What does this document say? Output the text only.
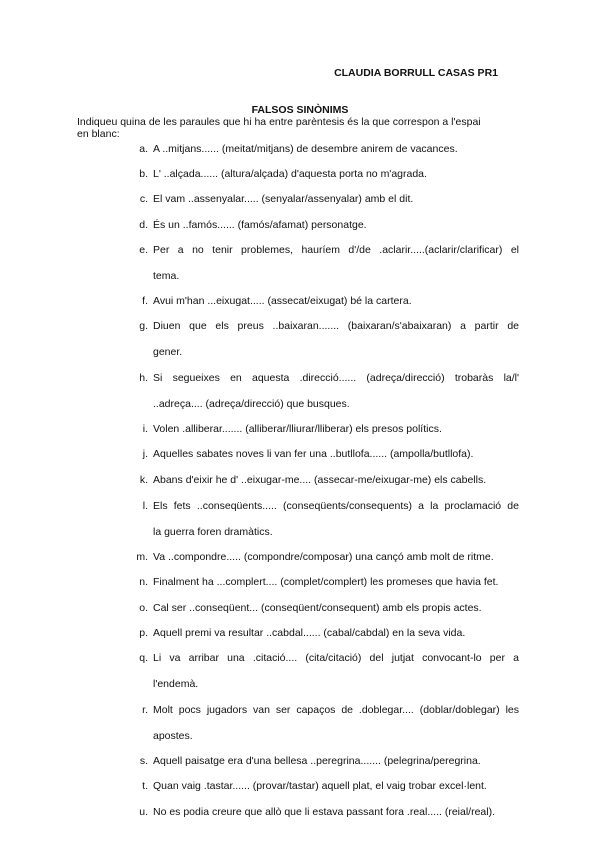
CLAUDIA BORRULL CASAS PR1
FALSOS SINÒNIMS

Indiqueu quina de les paraules que hi ha entre parèntesis és la que correspon a l'espai
en blanc:

a. A ..mitjans...... (meitat/mitjans) de desembre anirem de vacances.
b. L' ..alçada...... (altura/alçada) d'aquesta porta no m'agrada.
c. El vam ..assenyalar..... (senyalar/assenyalar) amb el dit.
d. És un ..famós...... (famós/afamat) personatge.
e. Per a no tenir problemes, hauríem d'/de .aclarir.....(aclarir/clarificar) el
tema.
f. Avui m'han ...eixugat..... (assecat/eixugat) bé la cartera.
g. Diuen que els preus ..baixaran....... (baixaran/s'abaixaran) a partir de
gener.
h. Si segueixes en aquesta .direcció...... (adreça/direcció) trobaràs la/l'
..adreça.... (adreça/direcció) que busques.
i. Volen .alliberar....... (alliberar/lliurar/lliberar) els presos polítics.
j. Aquelles sabates noves li van fer una ..butllofa...... (ampolla/butllofa).
k. Abans d'eixir he d' ..eixugar-me.... (assecar-me/eixugar-me) els cabells.
l. Els fets ..conseqüents..... (conseqüents/consequents) a la proclamació de
la guerra foren dramàtics.
m. Va ..compondre..... (compondre/composar) una cançó amb molt de ritme.
n. Finalment ha ...complert.... (complet/complert) les promeses que havia fet.
o. Cal ser ..conseqüent... (conseqüent/consequent) amb els propis actes.
p. Aquell premi va resultar ..cabdal...... (cabal/cabdal) en la seva vida.
q. Li va arribar una .citació.... (cita/citació) del jutjat convocant-lo per a
l'endemà.
r. Molt pocs jugadors van ser capaços de .doblegar.... (doblar/doblegar) les
apostes.
s. Aquell paisatge era d'una bellesa ..peregrina....... (pelegrina/peregrina.
t. Quan vaig .tastar...... (provar/tastar) aquell plat, el vaig trobar excel·lent.
u. No es podia creure que allò que li estava passant fora .real..... (reial/real).
